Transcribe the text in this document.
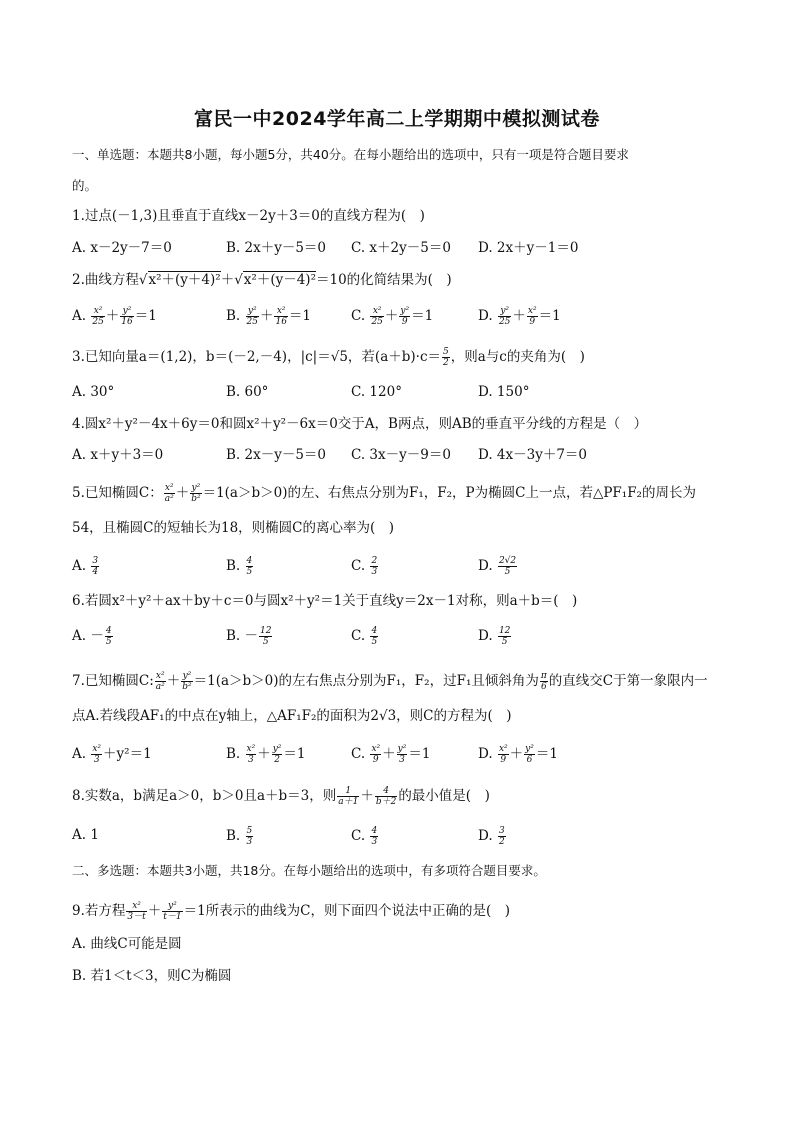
富民一中2024学年高二上学期期中模拟测试卷
一、单选题：本题共8小题，每小题5分，共40分。在每小题给出的选项中，只有一项是符合题目要求
的。
1.过点(－1,3)且垂直于直线x－2y＋3＝0的直线方程为(　)
A. x－2y－7＝0	B. 2x＋y－5＝0 C. x＋2y－5＝0 D. 2x＋y－1＝0
2.曲线方程√x²＋(y＋4)²＋√x²＋(y－4)²＝10的化简结果为(　)
A. $\frac{\text{x²}}{25} + \frac{\text{y²}}{16} =1$	B. $\frac{\text{y²}}{25} + \frac{\text{x²}}{16} =1$	C. $\frac{\text{x²}}{25} + \frac{\text{y²}}{9} =1$	D. $\frac{\text{y²}}{25} + \frac{\text{x²}}{9} =1$
3.已知向量a＝(1,2)，b＝(－2,－4)，|c|＝√5，若$(a+b)\cdot c= \frac{5}{2}$ ，则a与c的夹角为(　)
A. 30°	B. 60°	C. 120°	D. 150°
4.圆x²＋y²－4x＋6y＝0和圆x²＋y²－6x＝0交于A，B两点，则AB的垂直平分线的方程是（　）
A. x＋y＋3＝0	B. 2x－y－5＝0 C. 3x－y－9＝0 D. 4x－3y＋7＝0
5.已知椭圆C： $\frac{\text{x²}}{\text{a²}} + \frac{\text{y²}}{\text{b²}} =1(a>b>0)$的左、右焦点分别为F₁，F₂，P为椭圆C上一点，若△PF₁F₂的周长为
54，且椭圆C的短轴长为18，则椭圆C的离心率为(　)
A. $\frac{3}{4}$	B. $\frac{4}{5}$	C. $\frac{2}{3}$	D. $\frac{2√2}{5}$
6.若圆x²＋y²＋ax＋by＋c＝0与圆x²＋y²＝1关于直线y＝2x－1对称，则a＋b＝(　)
A. － $\frac{4}{5}$	B. － $\frac{12}{5}$	C. $\frac{4}{5}$	D. $\frac{12}{5}$
7.已知椭圆C: $\frac{\text{x²}}{\text{a²}} + \frac{\text{y²}}{\text{b²}} =1(a>b>0)$的左右焦点分别为F₁，F₂，过F₁且倾斜角为 $\frac{\pi}{6}$ 的直线交C于第一象限内一
点A.若线段AF₁的中点在y轴上，△AF₁F₂的面积为2√3，则C的方程为(　)
A. $\frac{\text{x²}}{3} +y^2=1$	B. $\frac{\text{x²}}{3} + \frac{\text{y²}}{2} =1$	C. $\frac{\text{x²}}{9} + \frac{\text{y²}}{3} =1$	D. $\frac{\text{x²}}{9} + \frac{\text{y²}}{6} =1$
8.实数a，b满足a＞0，b＞0且a＋b＝3，则 $\frac{1}{a+1} + \frac{4}{b+2}$ 的最小值是(　)
A. 1	B. $\frac{5}{3}$	C. $\frac{4}{3}$	D. $\frac{3}{2}$
二、多选题：本题共3小题，共18分。在每小题给出的选项中，有多项符合题目要求。
9.若方程 $\frac{\text{x²}}{3-t} + \frac{\text{y²}}{t-1} =1$所表示的曲线为C，则下面四个说法中正确的是(　)
A. 曲线C可能是圆
B. 若1＜t＜3，则C为椭圆
